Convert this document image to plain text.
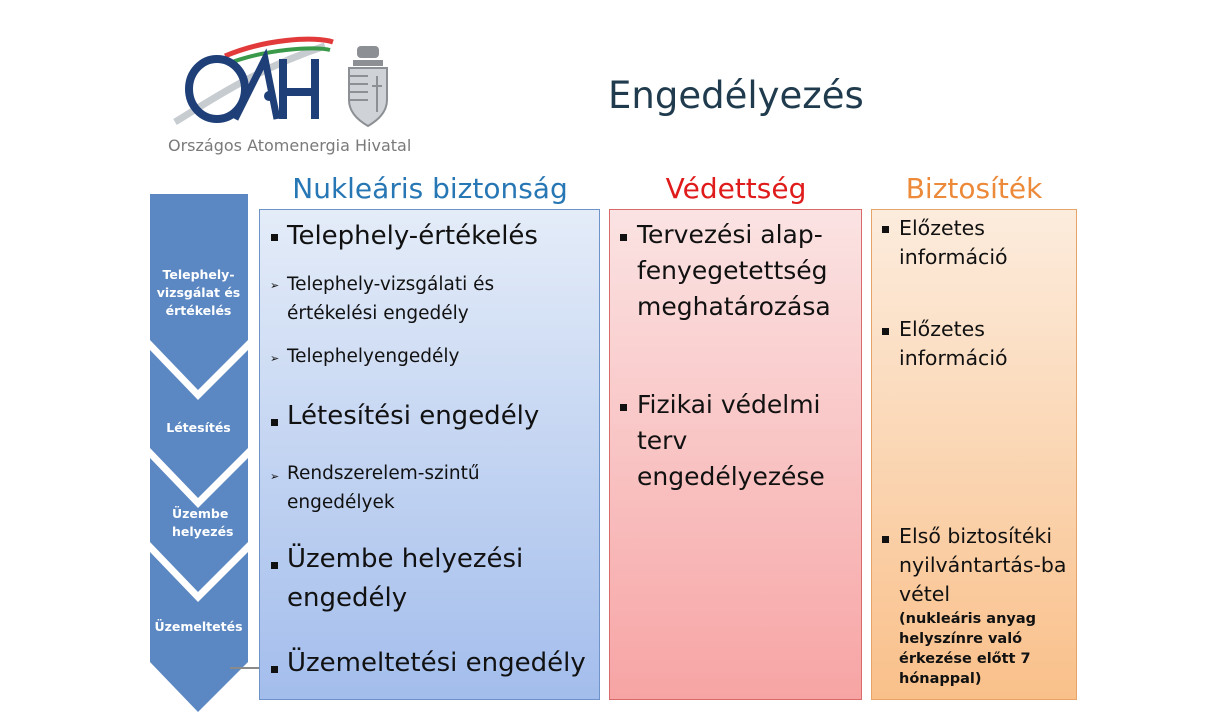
Országos Atomenergia Hivatal
Engedélyezés
Telephely-vizsgálat és értékelés
Létesítés
Üzembe helyezés
Üzemeltetés
Nukleáris biztonság	Védettség	Biztosíték
Telephely-értékelés
➢ Telephely-vizsgálati és értékelési engedély
➢ Telephelyengedély
Létesítési engedély
➢ Rendszerelem-szintű engedélyek
Üzembe helyezési engedély
Üzemeltetési engedély
Tervezési alap-fenyegetettség meghatározása
Fizikai védelmi terv engedélyezése
Előzetes információ
Előzetes információ
Első biztosítéki nyilvántartás-ba vétel
(nukleáris anyag helyszínre való érkezése előtt 7 hónappal)
